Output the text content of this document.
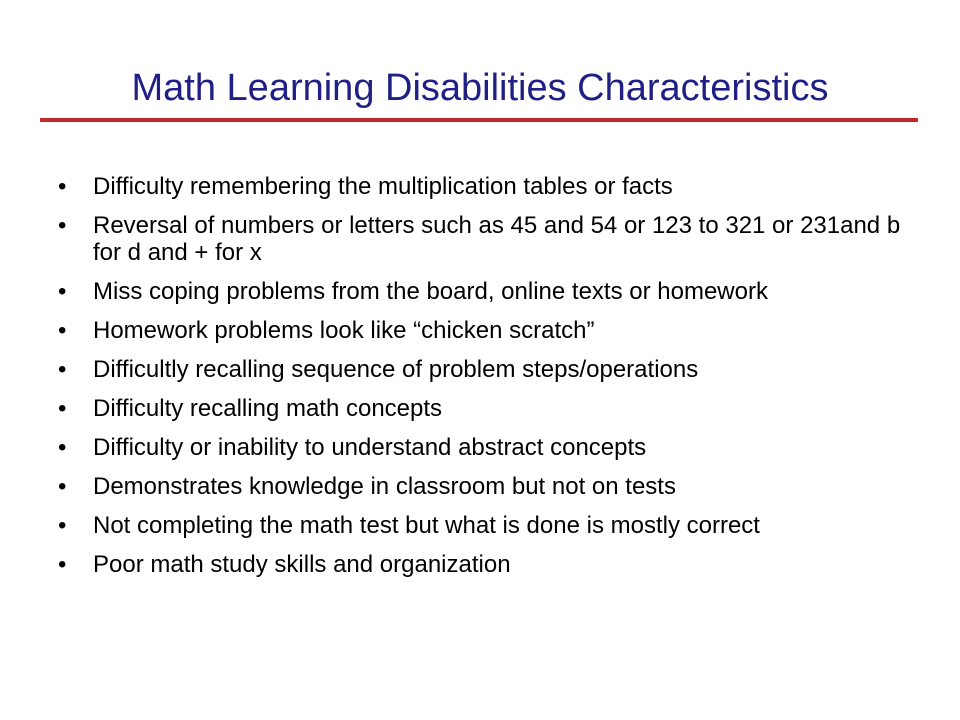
Math Learning Disabilities Characteristics
• Difficulty remembering the multiplication tables or facts
• Reversal of numbers or letters such as 45 and 54 or 123 to 321 or 231and b for d and + for x
• Miss coping problems from the board, online texts or homework
• Homework problems look like “chicken scratch”
• Difficultly recalling sequence of problem steps/operations
• Difficulty recalling math concepts
• Difficulty or inability to understand abstract concepts
• Demonstrates knowledge in classroom but not on tests
• Not completing the math test but what is done is mostly correct
• Poor math study skills and organization
